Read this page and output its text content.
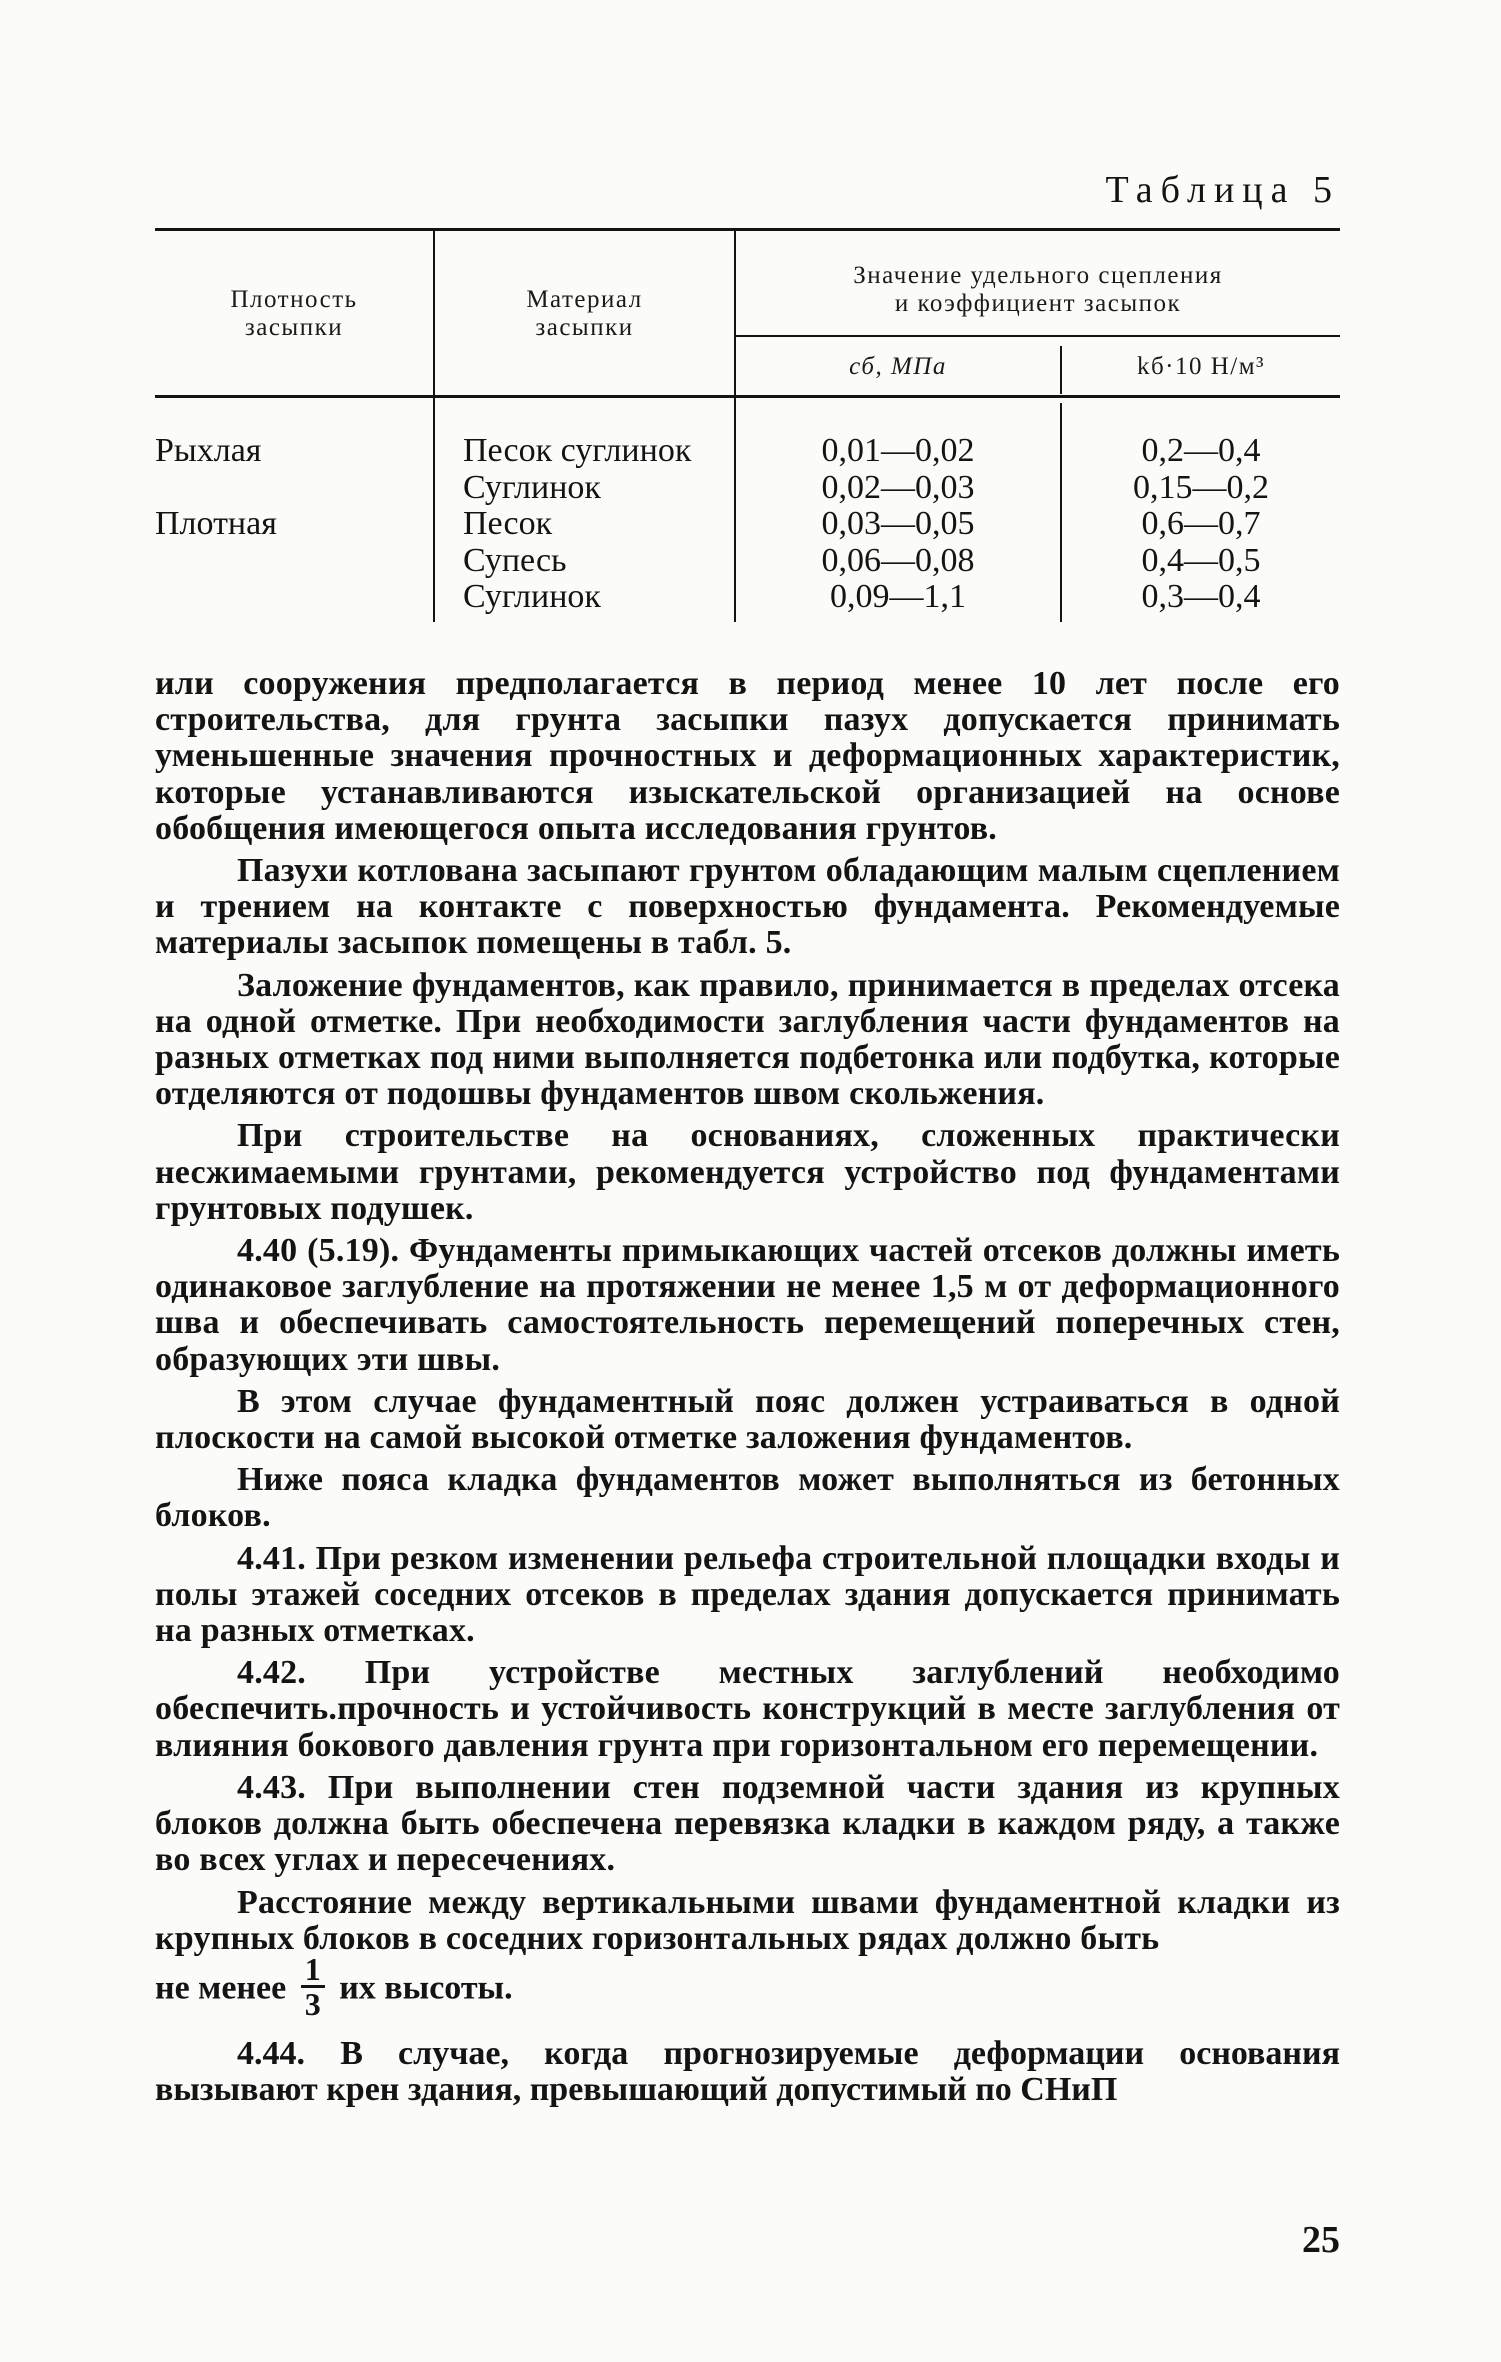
Таблица 5
Плотность
засыпки
Материал
засыпки
Значение удельного сцепления
и коэффициент засыпок
сб, МПа	kб·10 Н/м³
Рыхлая
Плотная
Песок суглинок
Суглинок
Песок
Супесь
Суглинок
0,01—0,02
0,02—0,03
0,03—0,05
0,06—0,08
0,09—1,1
0,2—0,4
0,15—0,2
0,6—0,7
0,4—0,5
0,3—0,4

или сооружения предполагается в период менее 10 лет после его строительства, для грунта засыпки пазух допускается принимать уменьшенные значения прочностных и деформационных характеристик, которые устанавливаются изыскательской организацией на основе обобщения имеющегося опыта исследования грунтов.

Пазухи котлована засыпают грунтом обладающим малым сцеплением и трением на контакте с поверхностью фундамента. Рекомендуемые материалы засыпок помещены в табл. 5.

Заложение фундаментов, как правило, принимается в пределах отсека на одной отметке. При необходимости заглубления части фундаментов на разных отметках под ними выполняется подбетонка или подбутка, которые отделяются от подошвы фундаментов швом скольжения.

При строительстве на основаниях, сложенных практически несжимаемыми грунтами, рекомендуется устройство под фундаментами грунтовых подушек.

4.40 (5.19). Фундаменты примыкающих частей отсеков должны иметь одинаковое заглубление на протяжении не менее 1,5 м от деформационного шва и обеспечивать самостоятельность перемещений поперечных стен, образующих эти швы.

В этом случае фундаментный пояс должен устраиваться в одной плоскости на самой высокой отметке заложения фундаментов.

Ниже пояса кладка фундаментов может выполняться из бетонных блоков.

4.41. При резком изменении рельефа строительной площадки входы и полы этажей соседних отсеков в пределах здания допускается принимать на разных отметках.

4.42. При устройстве местных заглублений необходимо обеспечить.прочность и устойчивость конструкций в месте заглубления от влияния бокового давления грунта при горизонтальном его перемещении.

4.43. При выполнении стен подземной части здания из крупных блоков должна быть обеспечена перевязка кладки в каждом ряду, а также во всех углах и пересечениях.

Расстояние между вертикальными швами фундаментной кладки из крупных блоков в соседних горизонтальных рядах должно быть

не менее $\frac{1}{3}$ их высоты.

4.44. В случае, когда прогнозируемые деформации основания вызывают крен здания, превышающий допустимый по СНиП

25
